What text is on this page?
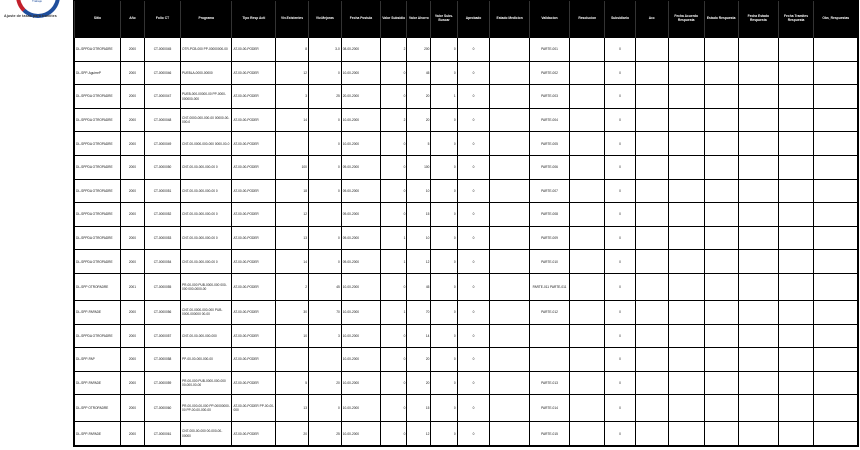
Trabajo
Ajuste de tasas para tramites
Sitio	Año	Folio CT	Programa	Tipo Resp Acti	Viv.Existentes	Viv.Mejoras	Fecha Postula	Valor Subsidio	Valor Ahorro	Valor Subs. Buscar	Aprobado	Estado Medicion	Validacion	Resolucion	Subsidiario	Acc	Fecha Acuerdo Respuesta	Estado Respuesta	Fecha Estado Respuesta	Fecha Tramites Respuesta	Obs_Respuestas
DL-SPPDA OTROPADRE	2000	CT-0000045	OTR-PCB-000 PP-00000000-00	AT-00-00-PODER	8	3-0	08-00-2000	2	200	0	0		PARTE-001		0						
DL-SPP-AguirreP	2000	CT-0000046	PUEBLA-0000-00000	AT-00-00-PODER	12	0	10-00-2000	0	45	0	0		PARTE-002		0						
DL-SPPDA OTROPADRE	2000	CT-0000047	PUEB-000-00000-00 PP-0000-000000-000	AT-00-00-PODER	3	25	20-00-2000	0	20	1	0		PARTE-003		0						
DL-SPPDA OTROPADRE	2000	CT-0000048	CNT-0000-000-000-00 00000-00-000-0	AT-00-00-PODER	14	0	10-00-2000	2	20	0	0		PARTE-004		0						
DL-SPPDA OTROPADRE	2000	CT-0000049	CNT-00-0000-000-000 0000-00-0	AT-00-00-PODER		0	10-00-2000	0	5	0	0		PARTE-005		0						
DL-SPPDA OTROPADRE	2000	CT-0000050	CNT-00-00-000-000-00 0	AT-00-00-PODER	100	0	09-00-2000	0	100	0	0		PARTE-006		0						
DL-SPPDA OTROPADRE	2000	CT-0000051	CNT-00-00-000-000-00 0	AT-00-00-PODER	18	0	09-00-2000	0	10	0	0		PARTE-007		0						
DL-SPPDA OTROPADRE	2000	CT-0000052	CNT-00-00-000-000-00 0	AT-00-00-PODER	12		09-00-2000	0	15	0	0		PARTE-008		0						
DL-SPPDA OTROPADRE	2000	CT-0000053	CNT-00-00-000-000-00 0	AT-00-00-PODER	13	0	09-00-2000	1	10	0	0		PARTE-009		0						
DL-SPPDA OTROPADRE	2000	CT-0000054	CNT-00-00-000-000-00 0	AT-00-00-PODER	14	0	09-00-2000	1	12	0	0		PARTE-010		0						
DL-SPP OTROPADRE	2001	CT-0000055	PR-00-000 PUB-0000-000 000-000 000-0000-00	AT-00-00-PODER	2	45	10-00-2000	0	45	0	0		PARTE-011 PARTE-011		0						
DL-SPP-PAPADE	2000	CT-0000056	CNT-00-0000-000-000 PUB-0000-000000 00-00	AT-00-00-PODER	30	70	10-00-2000	1	70	0	0		PARTE-012		0						
DL-SPPDA OTROPADRE	2000	CT-0000057	CNT-00-00-000-000-000	AT-00-00-PODER	10	3	10-00-2000	0	14	0	0				0						
DL-SPP-PAP	2000	CT-0000058	PP-00-00-000-000-00	AT-00-00-PODER			10-00-2000	0	20	0	0				0						
DL-SPP-PAPADE	2000	CT-0000059	PR-00-000 PUB-0000-000-000 00-000-00-00	AT-00-00-PODER	5	20	10-00-2000	0	20	0	0		PARTE-013		0						
DL-SPP OTROPADRE	2000	CT-0000060	PR-00-000-00-000 PP-00000000-00 PP-00-00-000-00	AT-00-00-PODER PP-00-00-000	13	0	10-00-2000	0	15	0	0		PARTE-014		0						
DL-SPP-PAPADE	2000	CT-0000061	CNT-000-00-000 00-000-00-00000	AT-00-00-PODER	20	25	10-00-2000	0	12	0	0		PARTE-015		0						
